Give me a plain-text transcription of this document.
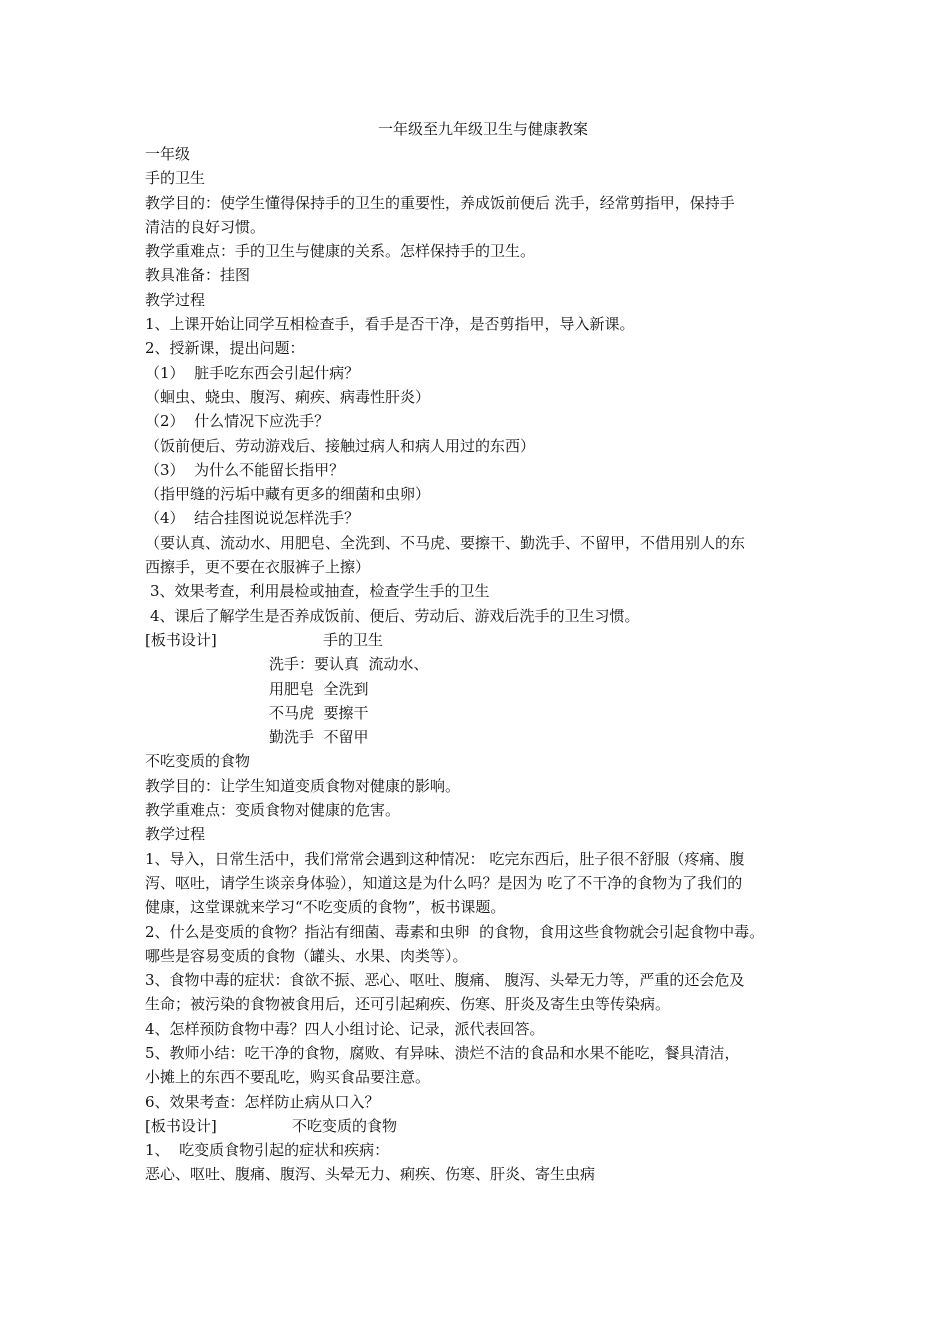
一年级至九年级卫生与健康教案

一年级

手的卫生

教学目的：使学生懂得保持手的卫生的重要性，养成饭前便后 洗手，经常剪指甲，保持手

清洁的良好习惯。

教学重难点：手的卫生与健康的关系。怎样保持手的卫生。

教具准备：挂图

教学过程

1、上课开始让同学互相检查手，看手是否干净，是否剪指甲，导入新课。

2、授新课，提出问题：

（1）  脏手吃东西会引起什病？

（蛔虫、蛲虫、腹泻、痢疾、病毒性肝炎）

（2）  什么情况下应洗手？

（饭前便后、劳动游戏后、接触过病人和病人用过的东西）

（3）  为什么不能留长指甲？

（指甲缝的污垢中藏有更多的细菌和虫卵）

（4）  结合挂图说说怎样洗手？

（要认真、流动水、用肥皂、全洗到、不马虎、要擦干、勤洗手、不留甲，不借用别人的东

西擦手，更不要在衣服裤子上擦）

3、效果考查，利用晨检或抽查，检查学生手的卫生

4、课后了解学生是否养成饭前、便后、劳动后、游戏后洗手的卫生习惯。

[板书设计]	手的卫生

洗手：要认真  流动水、

用肥皂  全洗到

不马虎  要擦干

勤洗手  不留甲

不吃变质的食物

教学目的：让学生知道变质食物对健康的影响。

教学重难点：变质食物对健康的危害。

教学过程

1、导入，日常生活中，我们常常会遇到这种情况： 吃完东西后，肚子很不舒服（疼痛、腹

泻、呕吐，请学生谈亲身体验），知道这是为什么吗？是因为 吃了不干净的食物为了我们的

健康，这堂课就来学习“不吃变质的食物”，板书课题。

2、什么是变质的食物？指沾有细菌、毒素和虫卵  的食物，食用这些食物就会引起食物中毒。

哪些是容易变质的食物（罐头、水果、肉类等）。

3、食物中毒的症状：食欲不振、恶心、呕吐、腹痛、 腹泻、头晕无力等，严重的还会危及

生命；被污染的食物被食用后，还可引起痢疾、伤寒、肝炎及寄生虫等传染病。

4、怎样预防食物中毒？四人小组讨论、记录，派代表回答。

5、教师小结：吃干净的食物，腐败、有异味、溃烂不洁的食品和水果不能吃，餐具清洁，

小摊上的东西不要乱吃，购买食品要注意。

6、效果考查：怎样防止病从口入？

[板书设计]	不吃变质的食物

1、  吃变质食物引起的症状和疾病：

恶心、呕吐、腹痛、腹泻、头晕无力、痢疾、伤寒、肝炎、寄生虫病
